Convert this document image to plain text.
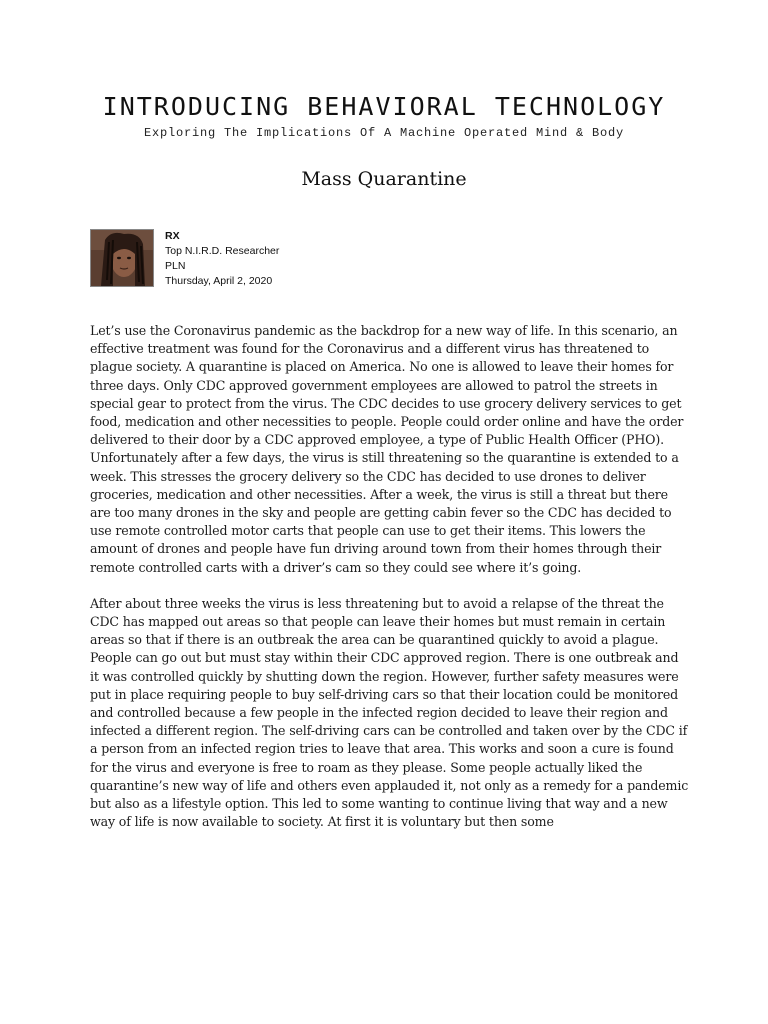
INTRODUCING BEHAVIORAL TECHNOLOGY
Exploring The Implications Of A Machine Operated Mind & Body
Mass Quarantine
RX
Top N.I.R.D. Researcher
PLN
Thursday, April 2, 2020

Let’s use the Coronavirus pandemic as the backdrop for a new way of life. In this scenario, an effective treatment was found for the Coronavirus and a different virus has threatened to plague society. A quarantine is placed on America. No one is allowed to leave their homes for three days. Only CDC approved government employees are allowed to patrol the streets in special gear to protect from the virus. The CDC decides to use grocery delivery services to get food, medication and other necessities to people. People could order online and have the order delivered to their door by a CDC approved employee, a type of Public Health Officer (PHO). Unfortunately after a few days, the virus is still threatening so the quarantine is extended to a week. This stresses the grocery delivery so the CDC has decided to use drones to deliver groceries, medication and other necessities. After a week, the virus is still a threat but there are too many drones in the sky and people are getting cabin fever so the CDC has decided to use remote controlled motor carts that people can use to get their items. This lowers the amount of drones and people have fun driving around town from their homes through their remote controlled carts with a driver’s cam so they could see where it’s going.

After about three weeks the virus is less threatening but to avoid a relapse of the threat the CDC has mapped out areas so that people can leave their homes but must remain in certain areas so that if there is an outbreak the area can be quarantined quickly to avoid a plague. People can go out but must stay within their CDC approved region. There is one outbreak and it was controlled quickly by shutting down the region. However, further safety measures were put in place requiring people to buy self-driving cars so that their location could be monitored and controlled because a few people in the infected region decided to leave their region and infected a different region. The self-driving cars can be controlled and taken over by the CDC if a person from an infected region tries to leave that area. This works and soon a cure is found for the virus and everyone is free to roam as they please. Some people actually liked the quarantine’s new way of life and others even applauded it, not only as a remedy for a pandemic but also as a lifestyle option. This led to some wanting to continue living that way and a new way of life is now available to society. At first it is voluntary but then some
